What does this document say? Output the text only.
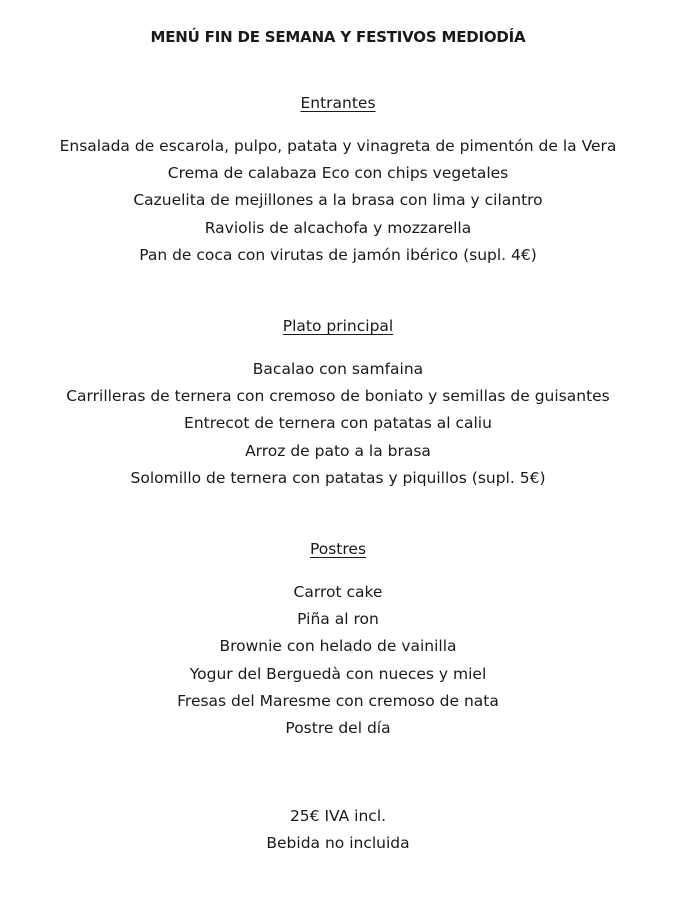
MENÚ FIN DE SEMANA Y FESTIVOS MEDIODÍA
Entrantes

Ensalada de escarola, pulpo, patata y vinagreta de pimentón de la Vera

Crema de calabaza Eco con chips vegetales

Cazuelita de mejillones a la brasa con lima y cilantro

Raviolis de alcachofa y mozzarella

Pan de coca con virutas de jamón ibérico (supl. 4€)

Plato principal

Bacalao con samfaina

Carrilleras de ternera con cremoso de boniato y semillas de guisantes

Entrecot de ternera con patatas al caliu

Arroz de pato a la brasa

Solomillo de ternera con patatas y piquillos (supl. 5€)

Postres

Carrot cake

Piña al ron

Brownie con helado de vainilla

Yogur del Berguedà con nueces y miel

Fresas del Maresme con cremoso de nata

Postre del día

25€ IVA incl.

Bebida no incluida
